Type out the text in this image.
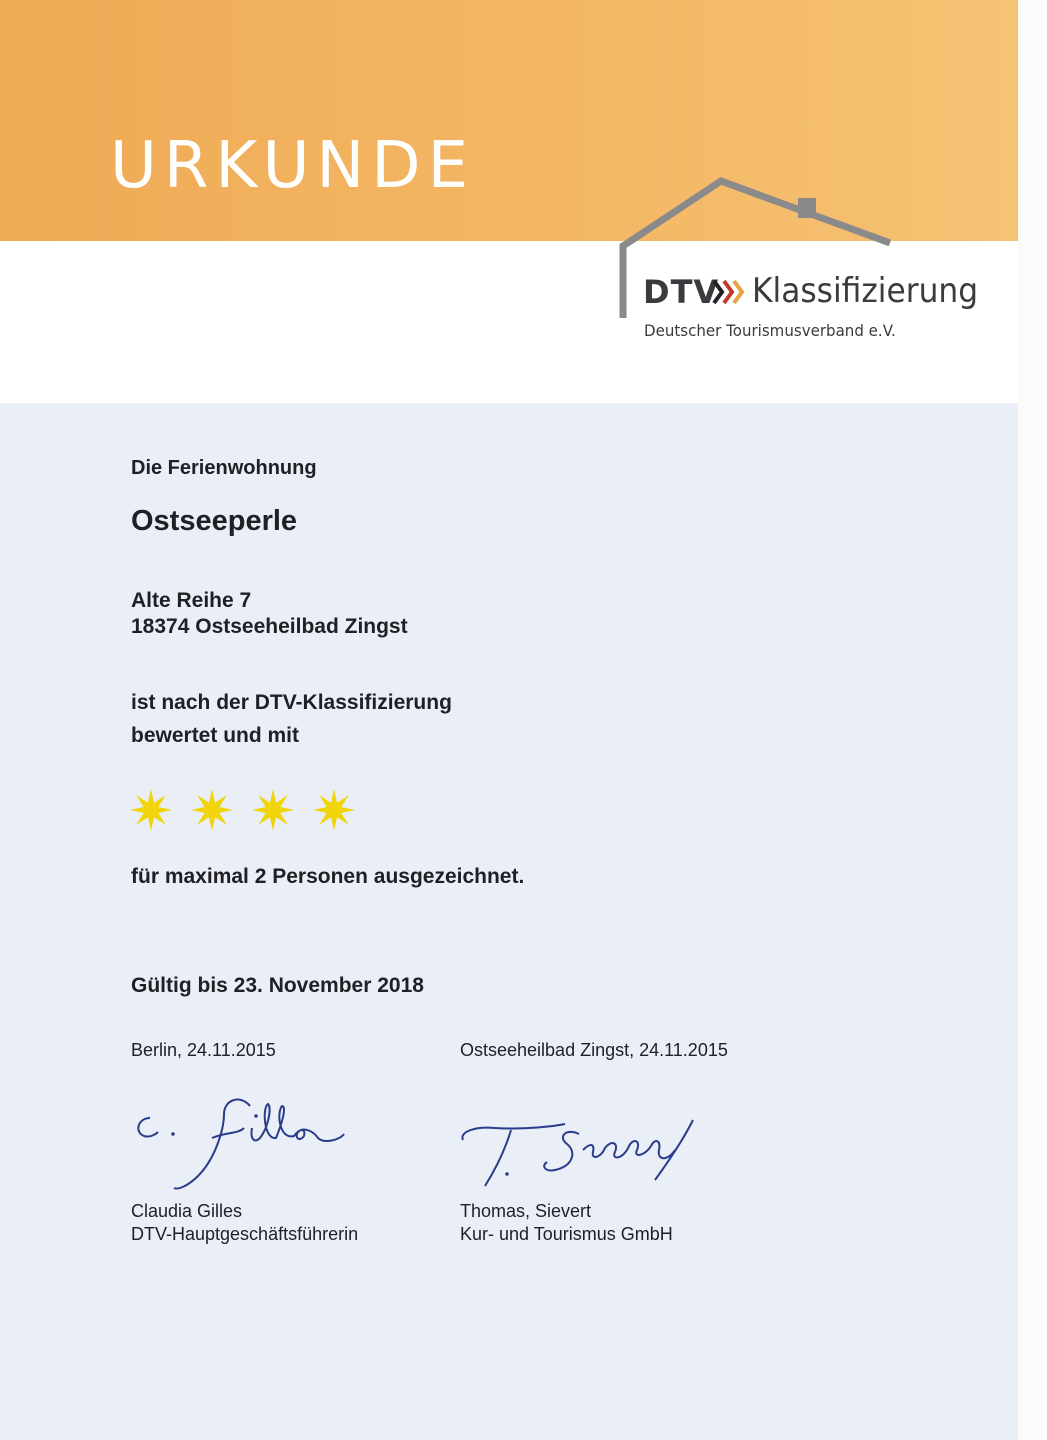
URKUNDE
DTV Klassifizierung
Deutscher Tourismusverband e.V.
Die Ferienwohnung
Ostseeperle
Alte Reihe 7
18374 Ostseeheilbad Zingst
ist nach der DTV-Klassifizierung
bewertet und mit
für maximal 2 Personen ausgezeichnet.
Gültig bis 23. November 2018
Berlin, 24.11.2015	Ostseeheilbad Zingst, 24.11.2015
Claudia Gilles
DTV-Hauptgeschäftsführerin
Thomas, Sievert
Kur- und Tourismus GmbH
